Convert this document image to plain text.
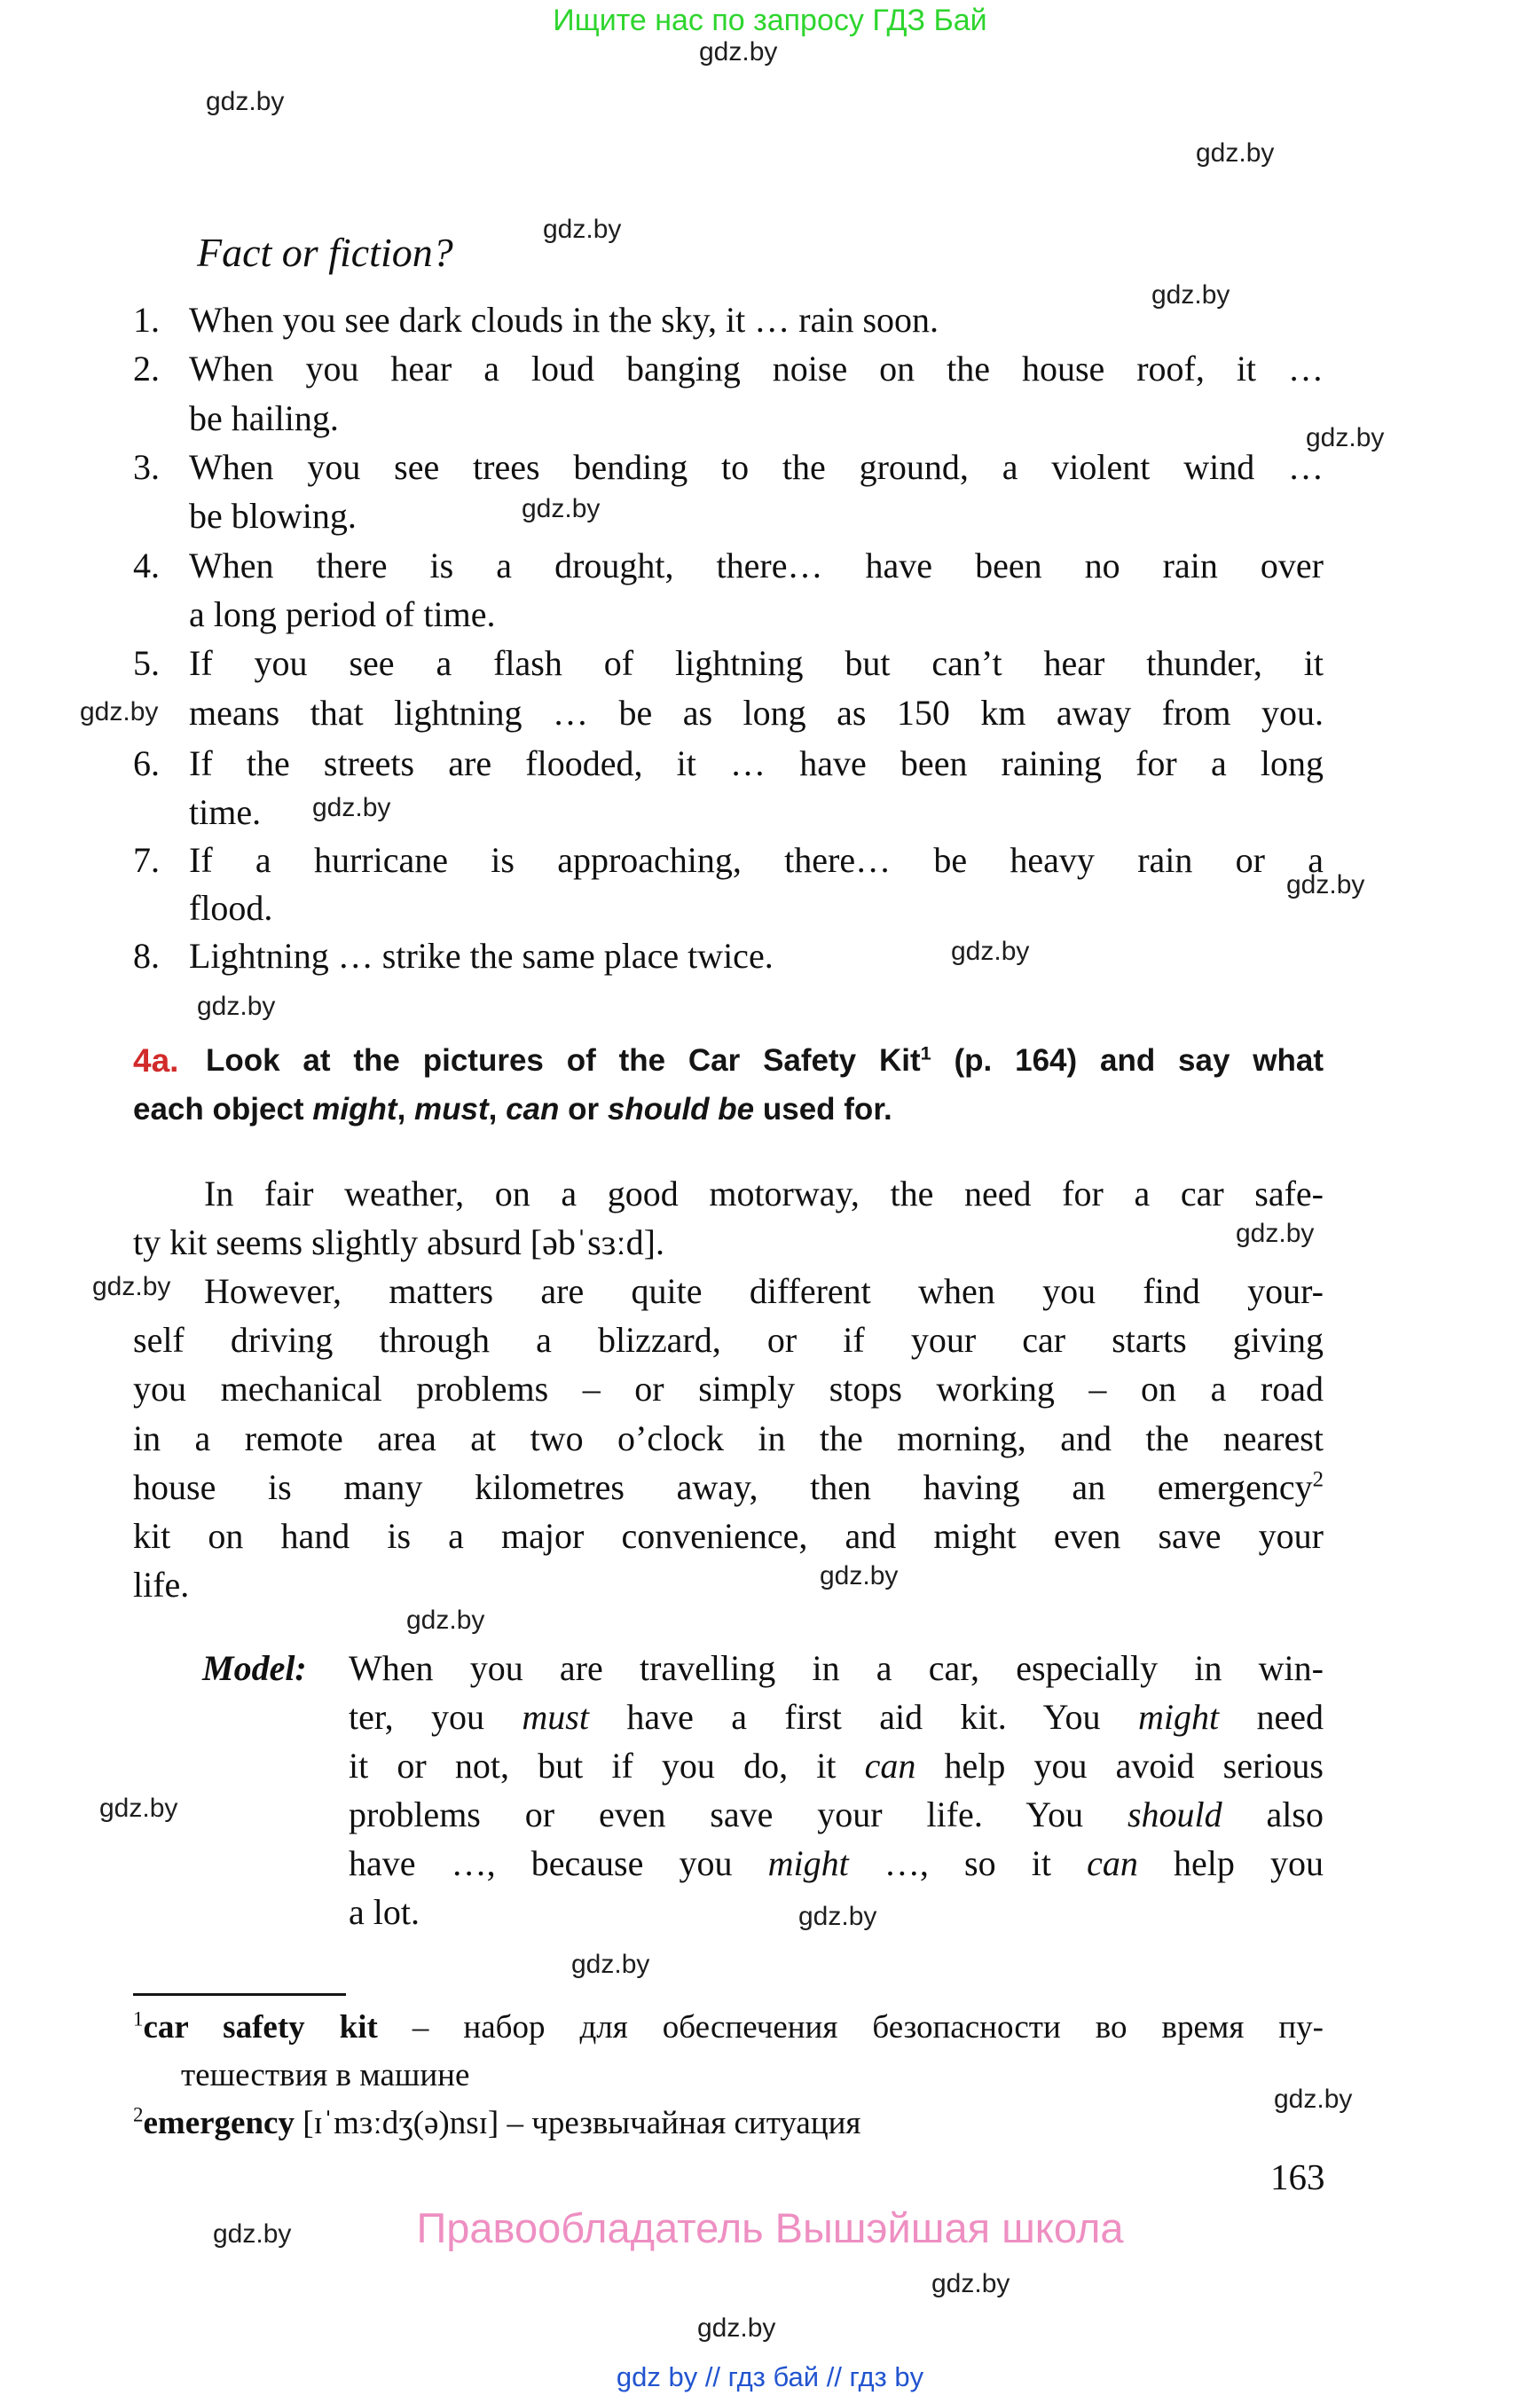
Ищите нас по запросу ГДЗ Бай
gdz.by
gdz.by
gdz.by
gdz.by
gdz.by
gdz.by
gdz.by
gdz.by
gdz.by
gdz.by
gdz.by
gdz.by
gdz.by
gdz.by
gdz.by
gdz.by
gdz.by
gdz.by
gdz.by
gdz.by
gdz.by
gdz.by
gdz.by
Fact or fiction?
1. When you see dark clouds in the sky, it … rain soon.
2. When you hear a loud banging noise on the house roof, it …
be hailing.
3. When you see trees bending to the ground, a violent wind …
be blowing.
4. When there is a drought, there… have been no rain over
a long period of time.
5. If you see a flash of lightning but can’t hear thunder, it
means that lightning … be as long as 150 km away from you.
6. If the streets are flooded, it … have been raining for a long
time.
7. If a hurricane is approaching, there… be heavy rain or a
flood.
8. Lightning … strike the same place twice.
4a. Look at the pictures of the Car Safety Kit$^1$ (p. 164) and say what
each object might, must, can or should be used for.
In fair weather, on a good motorway, the need for a car safe-
ty kit seems slightly absurd [əbˈsɜːd].
However, matters are quite different when you find your-
self driving through a blizzard, or if your car starts giving
you mechanical problems – or simply stops working – on a road
in a remote area at two o’clock in the morning, and the nearest
house is many kilometres away, then having an emergency$^2$
kit on hand is a major convenience, and might even save your
life.
Model: When you are travelling in a car, especially in win-
ter, you must have a first aid kit. You might need
it or not, but if you do, it can help you avoid serious
problems or even save your life. You should also
have …, because you might …, so it can help you
a lot.
$^1$car safety kit – набор для обеспечения безопасности во время пу-
тешествия в машине
$^2$emergency [ɪˈmɜːdʒ(ə)nsɪ] – чрезвычайная ситуация
163
Правообладатель Вышэйшая школа
gdz by // гдз бай // гдз by
